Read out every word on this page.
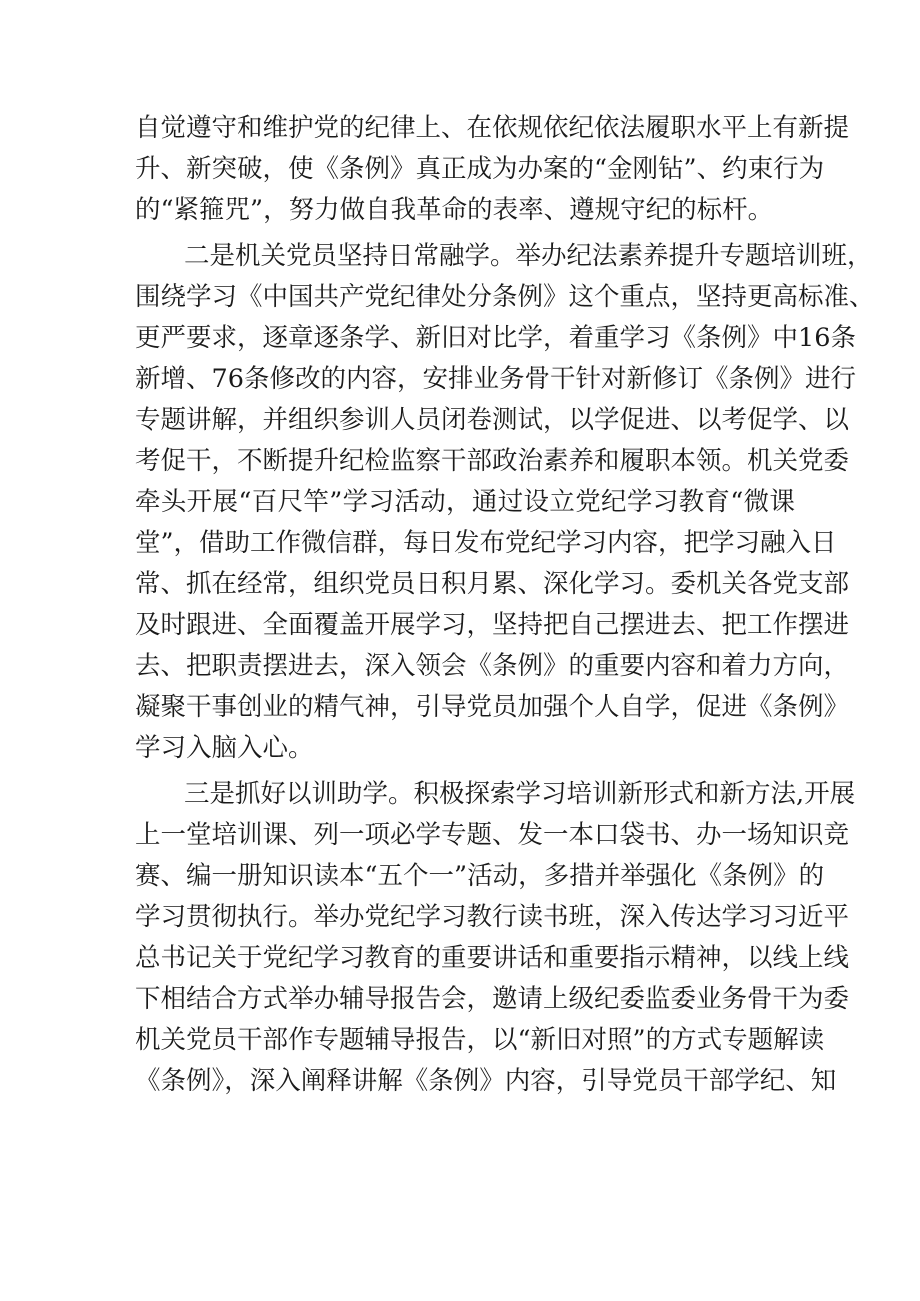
自觉遵守和维护党的纪律上、在依规依纪依法履职水平上有新提
升、新突破，使《条例》真正成为办案的“金刚钻”、约束行为
的“紧箍咒”，努力做自我革命的表率、遵规守纪的标杆。
二是机关党员坚持日常融学。举办纪法素养提升专题培训班，
围绕学习《中国共产党纪律处分条例》这个重点，坚持更高标准、
更严要求，逐章逐条学、新旧对比学，着重学习《条例》中16条
新增、76条修改的内容，安排业务骨干针对新修订《条例》进行
专题讲解，并组织参训人员闭卷测试，以学促进、以考促学、以
考促干，不断提升纪检监察干部政治素养和履职本领。机关党委
牵头开展“百尺竿”学习活动，通过设立党纪学习教育“微课
堂”，借助工作微信群，每日发布党纪学习内容，把学习融入日
常、抓在经常，组织党员日积月累、深化学习。委机关各党支部
及时跟进、全面覆盖开展学习，坚持把自己摆进去、把工作摆进
去、把职责摆进去，深入领会《条例》的重要内容和着力方向，
凝聚干事创业的精气神，引导党员加强个人自学，促进《条例》
学习入脑入心。
三是抓好以训助学。积极探索学习培训新形式和新方法,开展
上一堂培训课、列一项必学专题、发一本口袋书、办一场知识竞
赛、编一册知识读本“五个一”活动，多措并举强化《条例》的
学习贯彻执行。举办党纪学习教行读书班，深入传达学习习近平
总书记关于党纪学习教育的重要讲话和重要指示精神，以线上线
下相结合方式举办辅导报告会，邀请上级纪委监委业务骨干为委
机关党员干部作专题辅导报告，以“新旧对照”的方式专题解读
《条例》，深入阐释讲解《条例》内容，引导党员干部学纪、知
